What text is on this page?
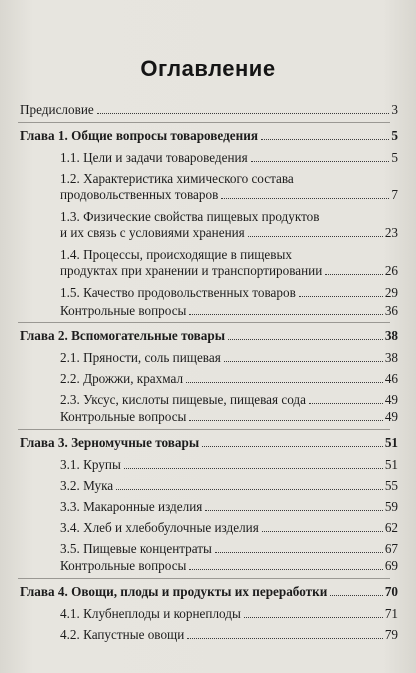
Оглавление
Предисловие	3
Глава 1. Общие вопросы товароведения	5
1.1. Цели и задачи товароведения	5
1.2. Характеристика химического состава
продовольственных товаров	7
1.3. Физические свойства пищевых продуктов
и их связь с условиями хранения	23
1.4. Процессы, происходящие в пищевых
продуктах при хранении и транспортировании	26
1.5. Качество продовольственных товаров	29
Контрольные вопросы	36
Глава 2. Вспомогательные товары	38
2.1. Пряности, соль пищевая	38
2.2. Дрожжи, крахмал	46
2.3. Уксус, кислоты пищевые, пищевая сода	49
Контрольные вопросы	49
Глава 3. Зерномучные товары	51
3.1. Крупы	51
3.2. Мука	55
3.3. Макаронные изделия	59
3.4. Хлеб и хлебобулочные изделия	62
3.5. Пищевые концентраты	67
Контрольные вопросы	69
Глава 4. Овощи, плоды и продукты их переработки	70
4.1. Клубнеплоды и корнеплоды	71
4.2. Капустные овощи	79
